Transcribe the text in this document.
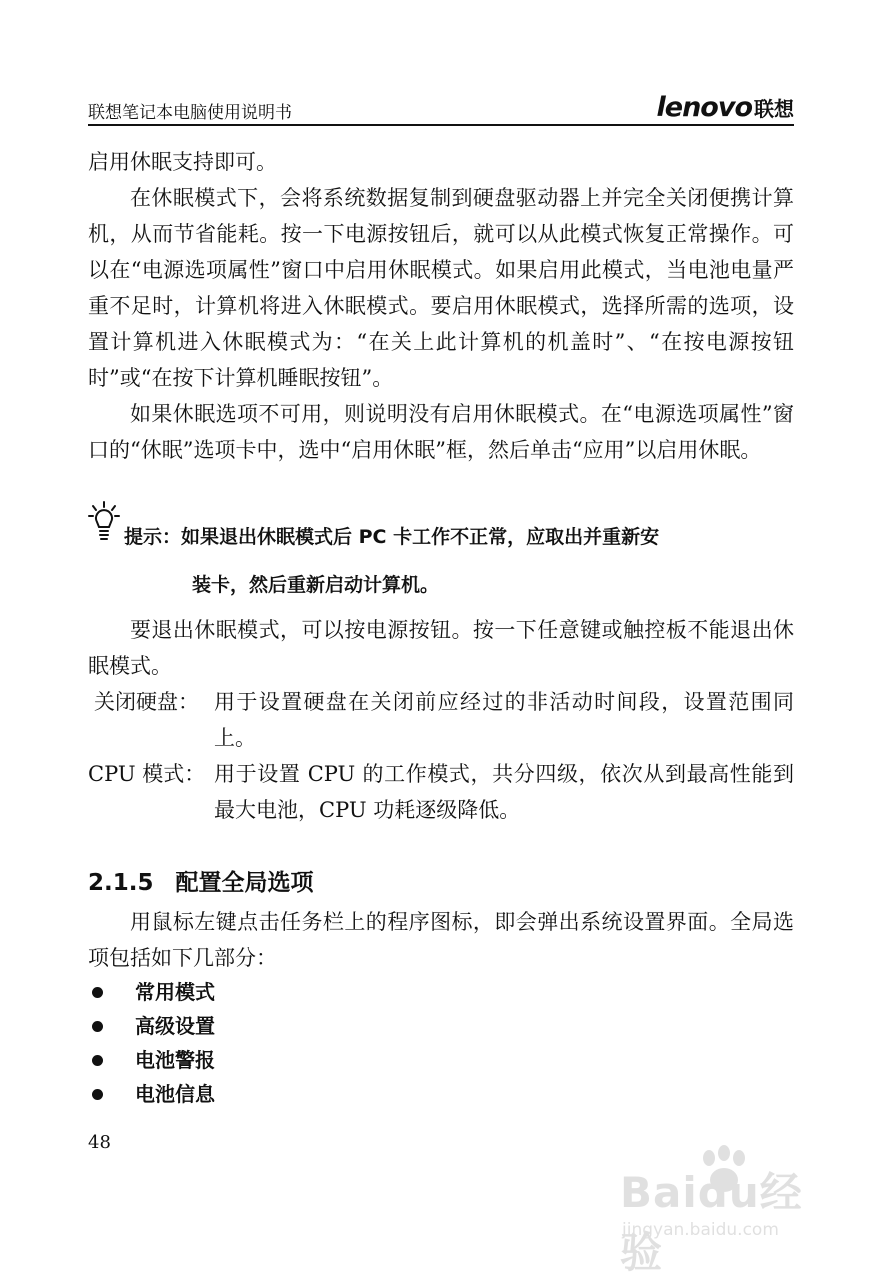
联想笔记本电脑使用说明书	lenovo 联想

启用休眠支持即可。

在休眠模式下，会将系统数据复制到硬盘驱动器上并完全关闭便携计算机，从而节省能耗。按一下电源按钮后，就可以从此模式恢复正常操作。可以在“电源选项属性”窗口中启用休眠模式。如果启用此模式，当电池电量严重不足时，计算机将进入休眠模式。要启用休眠模式，选择所需的选项，设置计算机进入休眠模式为：“在关上此计算机的机盖时”、“在按电源按钮时”或“在按下计算机睡眠按钮”。

如果休眠选项不可用，则说明没有启用休眠模式。在“电源选项属性”窗口的“休眠”选项卡中，选中“启用休眠”框，然后单击“应用”以启用休眠。

提示：如果退出休眠模式后 PC 卡工作不正常，应取出并重新安
装卡，然后重新启动计算机。

要退出休眠模式，可以按电源按钮。按一下任意键或触控板不能退出休眠模式。

关闭硬盘： 用于设置硬盘在关闭前应经过的非活动时间段，设置范围同上。
CPU 模式： 用于设置 CPU 的工作模式，共分四级，依次从到最高性能到最大电池，CPU 功耗逐级降低。
2.1.5 配置全局选项

用鼠标左键点击任务栏上的程序图标，即会弹出系统设置界面。全局选项包括如下几部分：

常用模式
高级设置
电池警报
电池信息
48
Baidu经验
jingyan.baidu.com
